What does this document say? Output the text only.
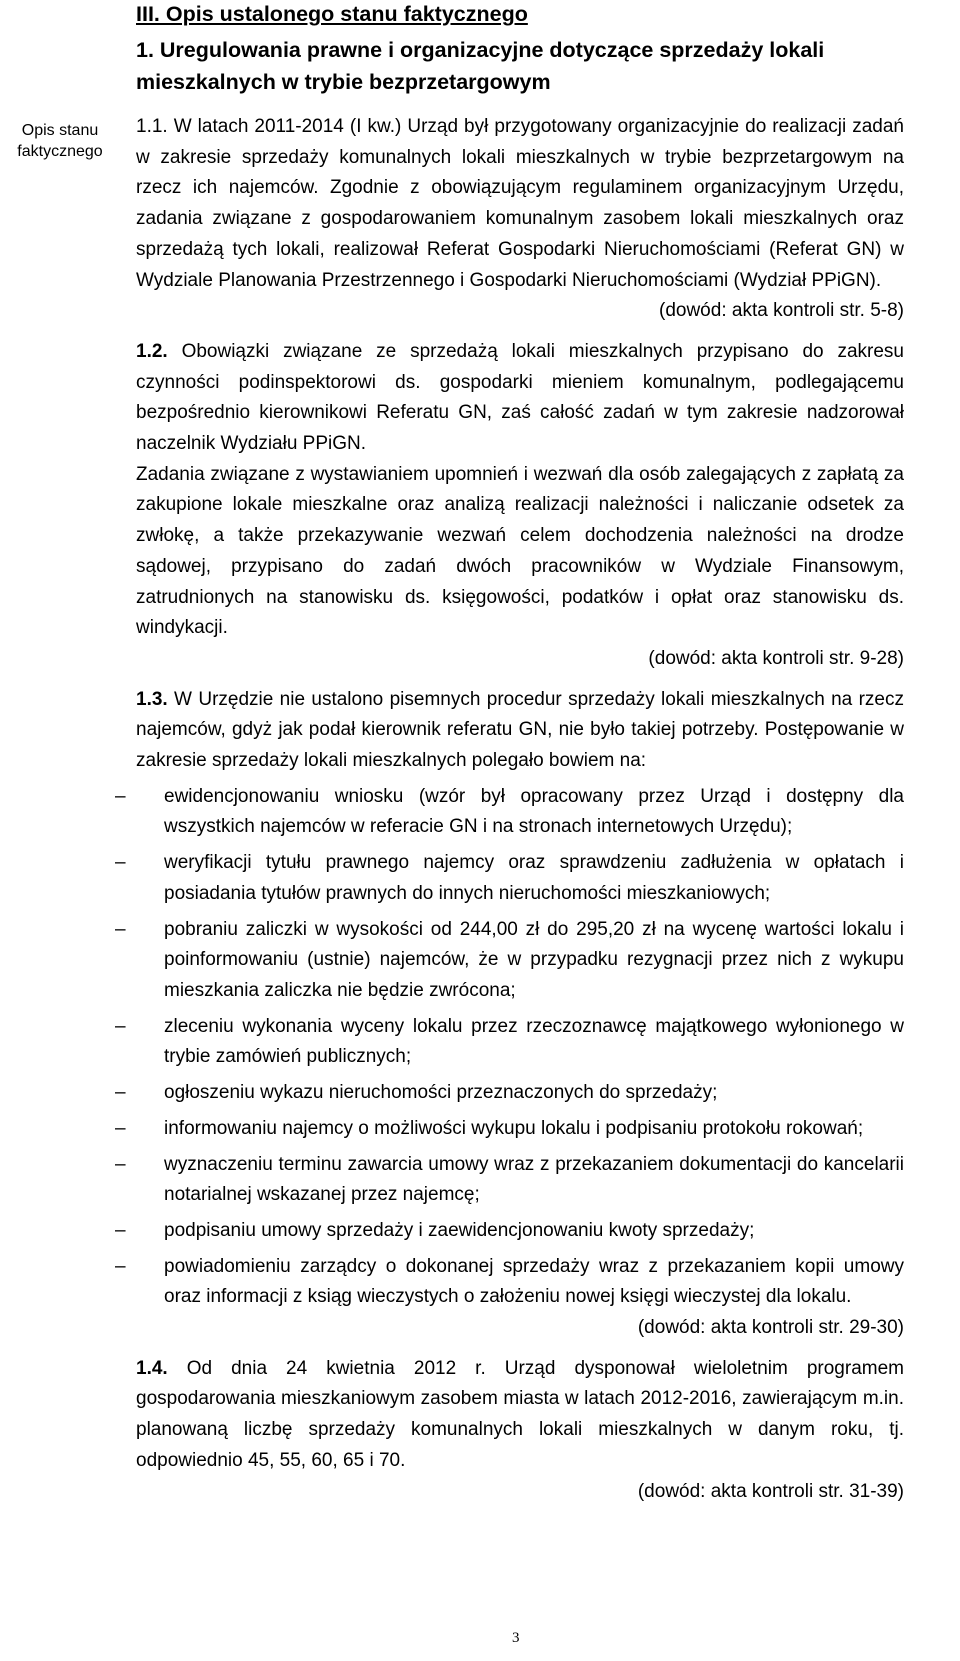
Opis stanu
faktycznego
III. Opis ustalonego stanu faktycznego
1. Uregulowania prawne i organizacyjne dotyczące sprzedaży lokali mieszkalnych w trybie bezprzetargowym

1.1. W latach 2011-2014 (I kw.) Urząd był przygotowany organizacyjnie do realizacji zadań w zakresie sprzedaży komunalnych lokali mieszkalnych w trybie bezprzetargowym na rzecz ich najemców. Zgodnie z obowiązującym regulaminem organizacyjnym Urzędu, zadania związane z gospodarowaniem komunalnym zasobem lokali mieszkalnych oraz sprzedażą tych lokali, realizował Referat Gospodarki Nieruchomościami (Referat GN) w Wydziale Planowania Przestrzennego i Gospodarki Nieruchomościami (Wydział PPiGN).

(dowód: akta kontroli str. 5-8)

1.2. Obowiązki związane ze sprzedażą lokali mieszkalnych przypisano do zakresu czynności podinspektorowi ds. gospodarki mieniem komunalnym, podlegającemu bezpośrednio kierownikowi Referatu GN, zaś całość zadań w tym zakresie nadzorował naczelnik Wydziału PPiGN.

Zadania związane z wystawianiem upomnień i wezwań dla osób zalegających z zapłatą za zakupione lokale mieszkalne oraz analizą realizacji należności i naliczanie odsetek za zwłokę, a także przekazywanie wezwań celem dochodzenia należności na drodze sądowej, przypisano do zadań dwóch pracowników w Wydziale Finansowym, zatrudnionych na stanowisku ds. księgowości, podatków i opłat oraz stanowisku ds. windykacji.

(dowód: akta kontroli str. 9-28)

1.3. W Urzędzie nie ustalono pisemnych procedur sprzedaży lokali mieszkalnych na rzecz najemców, gdyż jak podał kierownik referatu GN, nie było takiej potrzeby. Postępowanie w zakresie sprzedaży lokali mieszkalnych polegało bowiem na:

–	ewidencjonowaniu wniosku (wzór był opracowany przez Urząd i dostępny dla wszystkich najemców w referacie GN i na stronach internetowych Urzędu);
–	weryfikacji tytułu prawnego najemcy oraz sprawdzeniu zadłużenia w opłatach i posiadania tytułów prawnych do innych nieruchomości mieszkaniowych;
–	pobraniu zaliczki w wysokości od 244,00 zł do 295,20 zł na wycenę wartości lokalu i poinformowaniu (ustnie) najemców, że w przypadku rezygnacji przez nich z wykupu mieszkania zaliczka nie będzie zwrócona;
–	zleceniu wykonania wyceny lokalu przez rzeczoznawcę majątkowego wyłonionego w trybie zamówień publicznych;
–	ogłoszeniu wykazu nieruchomości przeznaczonych do sprzedaży;
–	informowaniu najemcy o możliwości wykupu lokalu i podpisaniu protokołu rokowań;
–	wyznaczeniu terminu zawarcia umowy wraz z przekazaniem dokumentacji do kancelarii notarialnej wskazanej przez najemcę;
–	podpisaniu umowy sprzedaży i zaewidencjonowaniu kwoty sprzedaży;
–	powiadomieniu zarządcy o dokonanej sprzedaży wraz z przekazaniem kopii umowy oraz informacji z ksiąg wieczystych o założeniu nowej księgi wieczystej dla lokalu.

(dowód: akta kontroli str. 29-30)

1.4. Od dnia 24 kwietnia 2012 r. Urząd dysponował wieloletnim programem gospodarowania mieszkaniowym zasobem miasta w latach 2012-2016, zawierającym m.in. planowaną liczbę sprzedaży komunalnych lokali mieszkalnych w danym roku, tj. odpowiednio 45, 55, 60, 65 i 70.

(dowód: akta kontroli str. 31-39)

3
